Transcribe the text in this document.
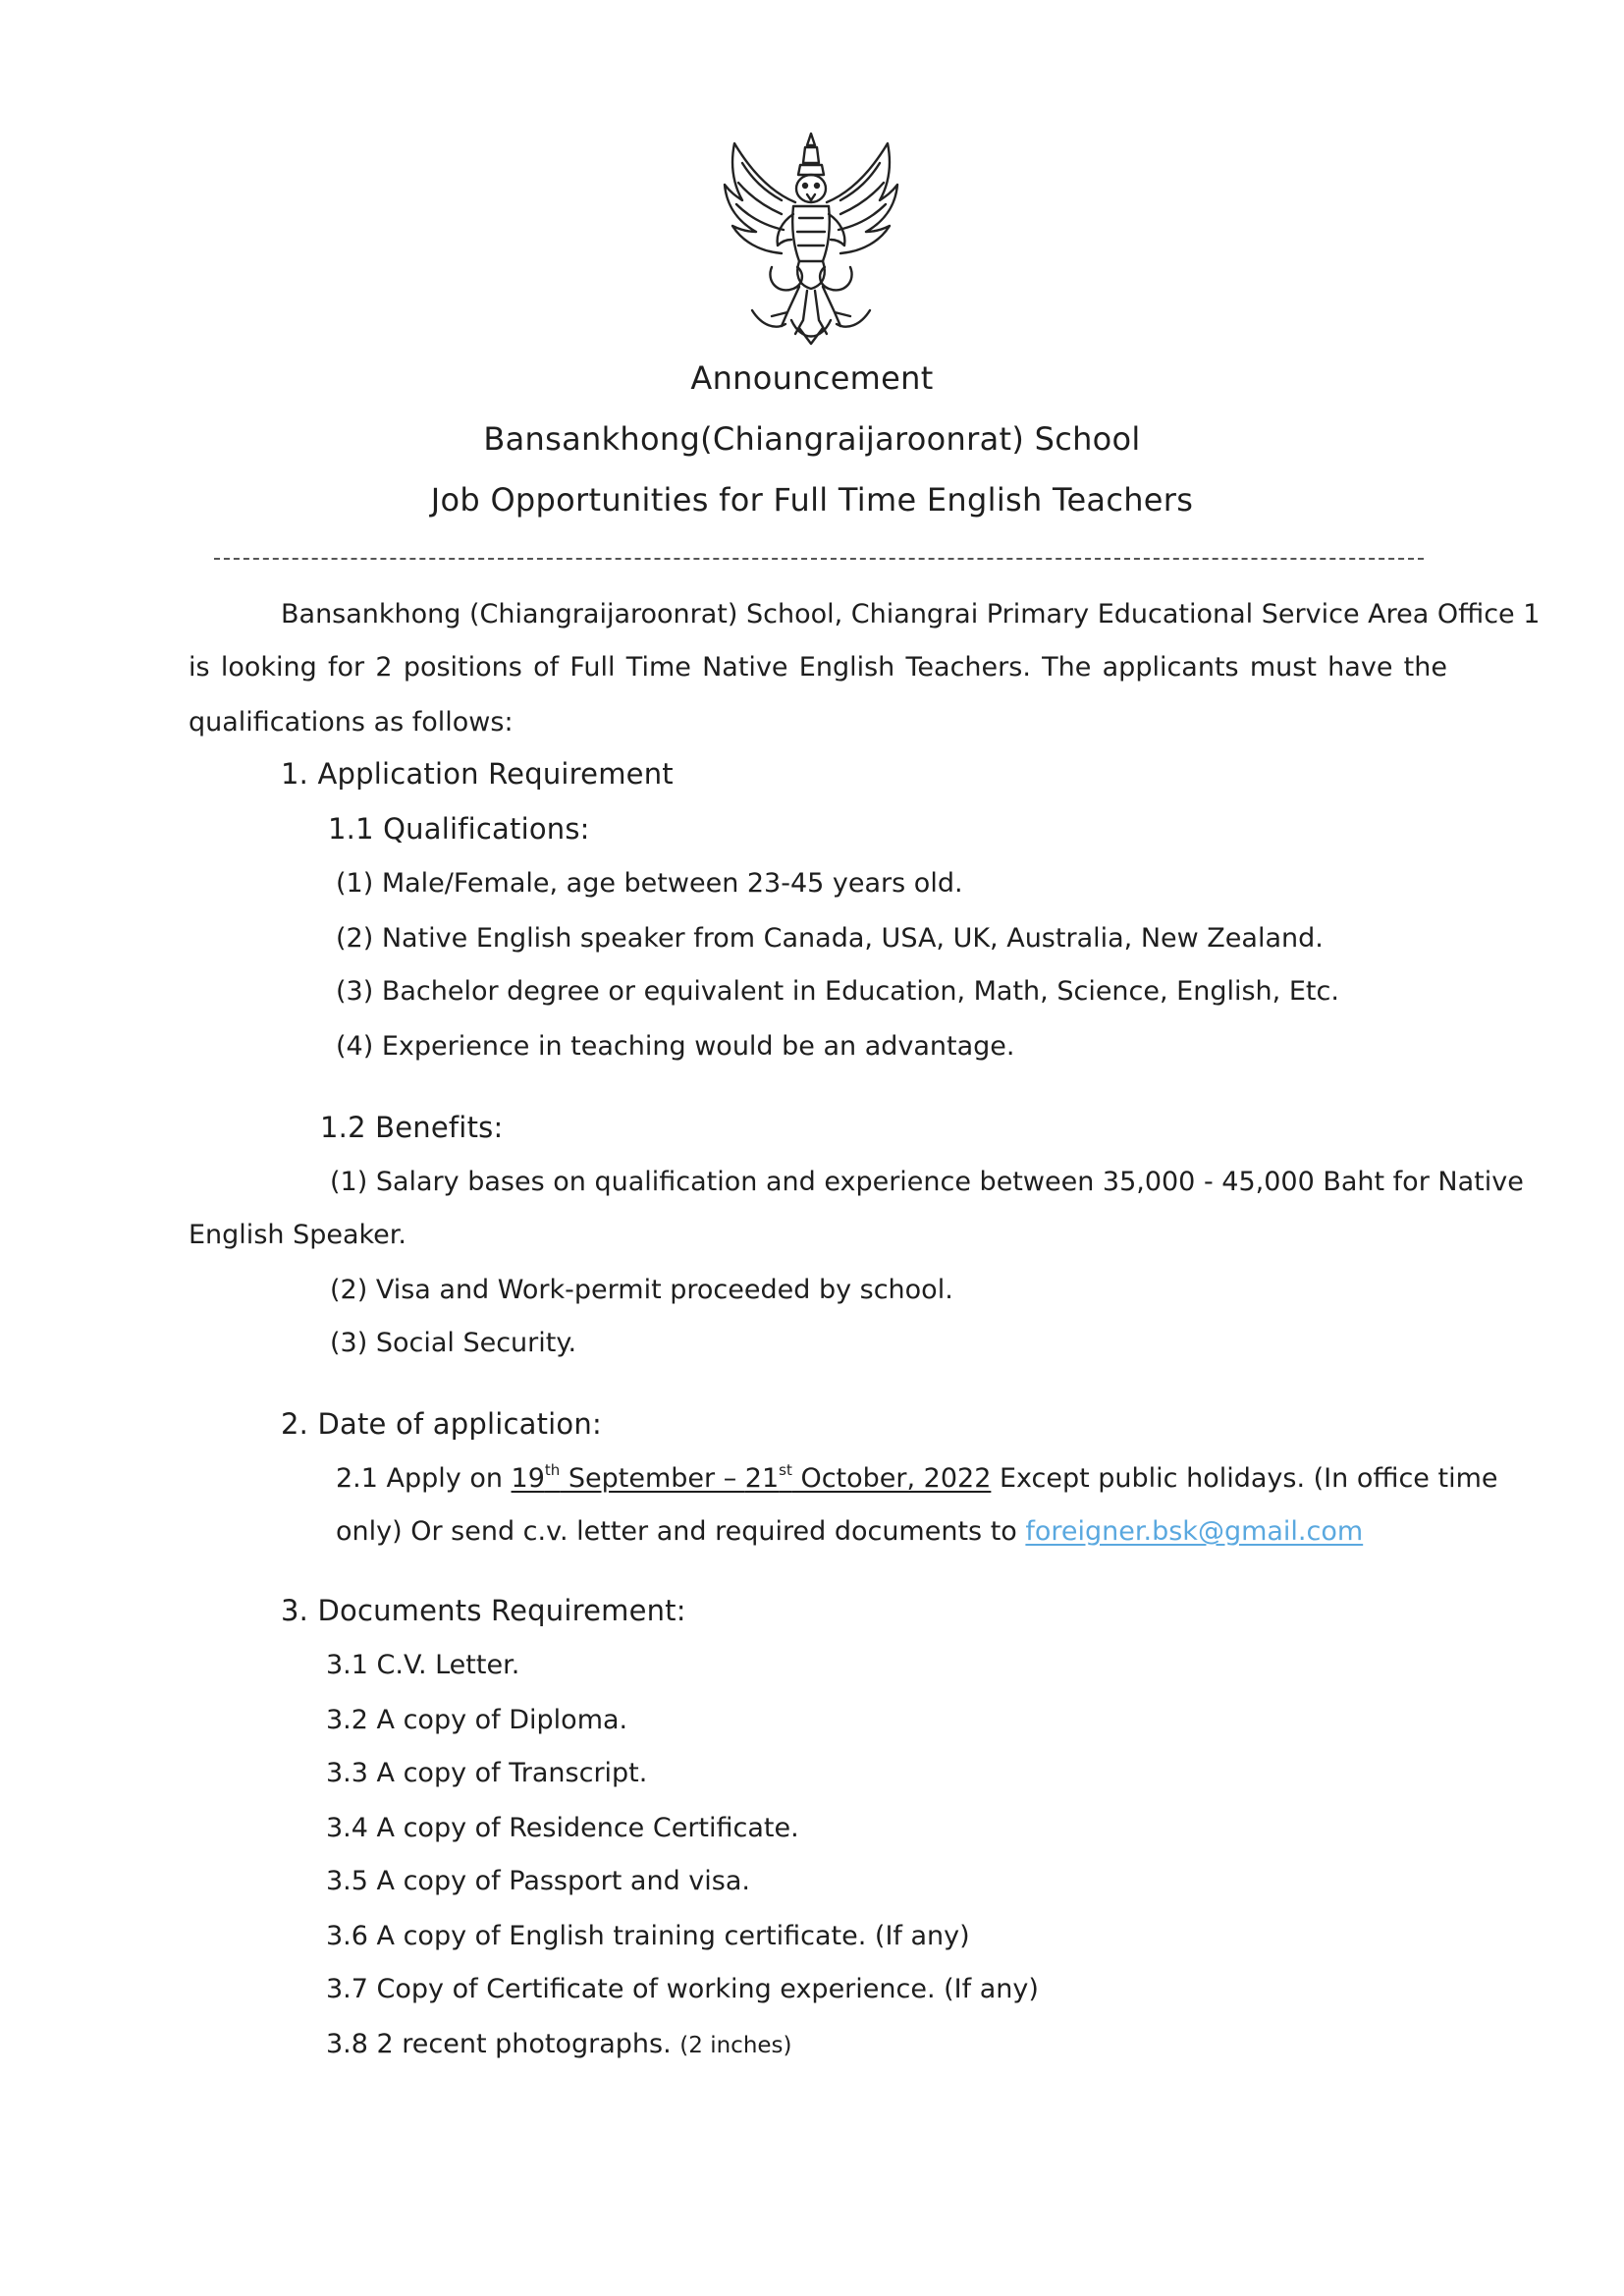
Announcement
Bansankhong(Chiangraijaroonrat) School
Job Opportunities for Full Time English Teachers
Bansankhong (Chiangraijaroonrat) School, Chiangrai Primary Educational Service Area Office 1
is looking for 2 positions of Full Time Native English Teachers. The applicants must have the
qualifications as follows:
1. Application Requirement
1.1 Qualifications:
(1) Male/Female, age between 23-45 years old.
(2) Native English speaker from Canada, USA, UK, Australia, New Zealand.
(3) Bachelor degree or equivalent in Education, Math, Science, English, Etc.
(4) Experience in teaching would be an advantage.
1.2 Benefits:
(1) Salary bases on qualification and experience between 35,000 - 45,000 Baht for Native
English Speaker.
(2) Visa and Work-permit proceeded by school.
(3) Social Security.
2. Date of application:
2.1 Apply on 19th September – 21st October, 2022 Except public holidays. (In office time
only) Or send c.v. letter and required documents to foreigner.bsk@gmail.com
3. Documents Requirement:
3.1 C.V. Letter.
3.2 A copy of Diploma.
3.3 A copy of Transcript.
3.4 A copy of Residence Certificate.
3.5 A copy of Passport and visa.
3.6 A copy of English training certificate. (If any)
3.7 Copy of Certificate of working experience. (If any)
3.8 2 recent photographs. (2 inches)
